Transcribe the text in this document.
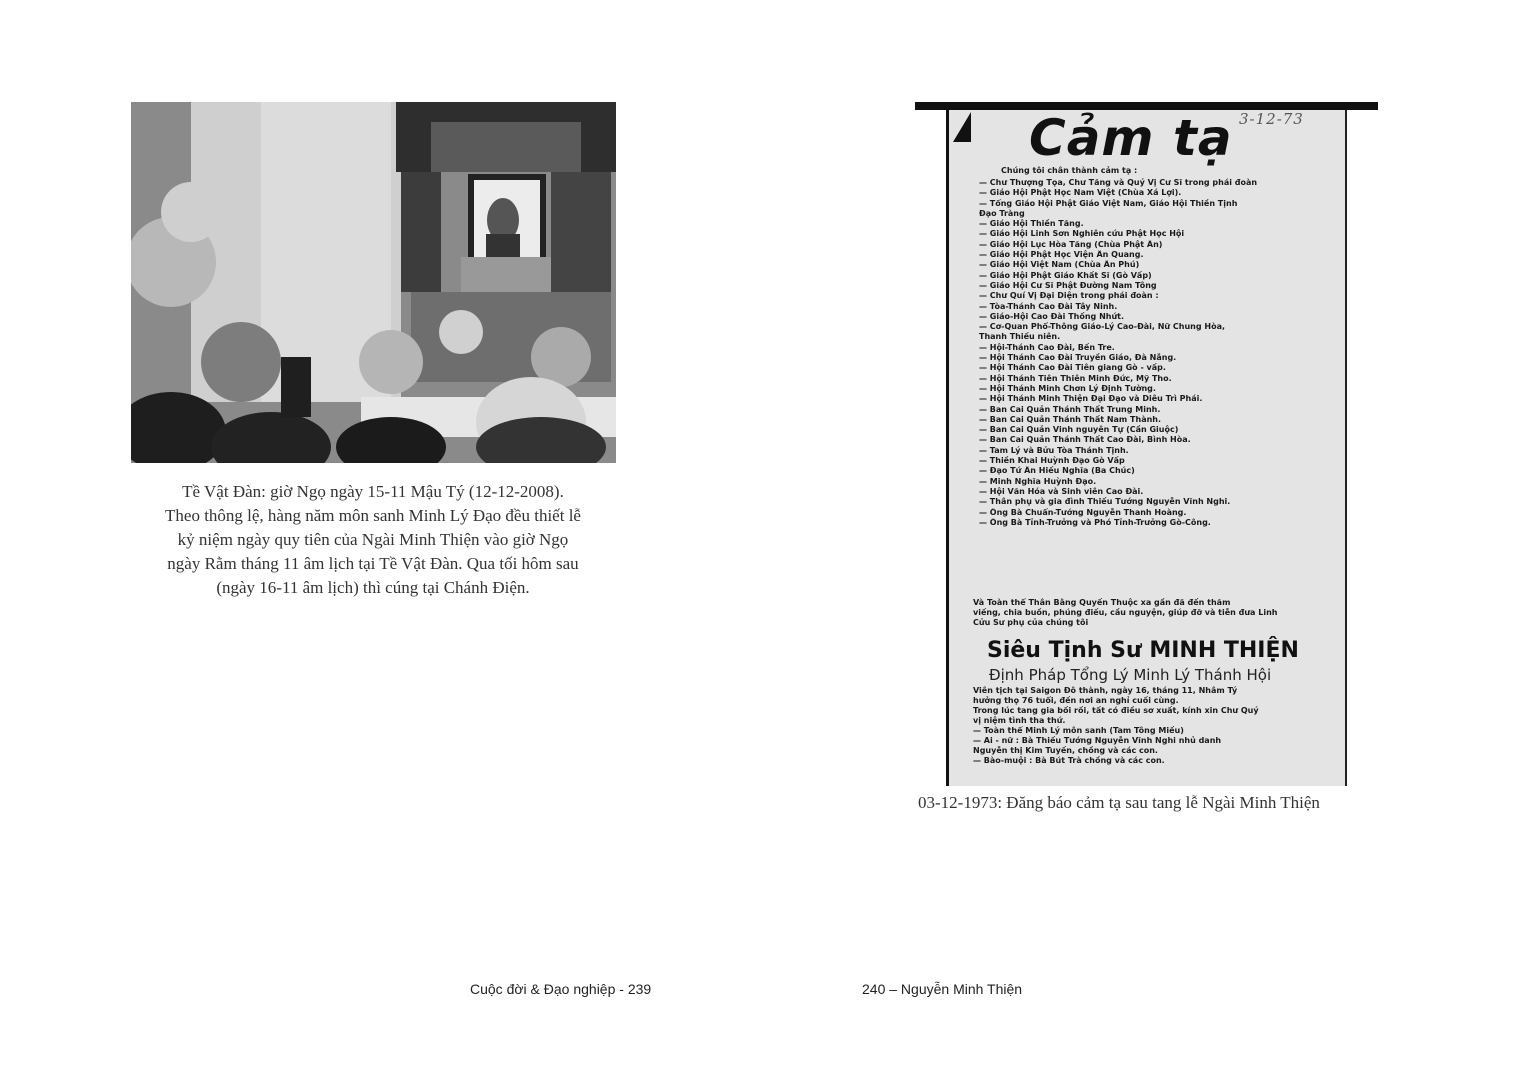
Tề Vật Đàn: giờ Ngọ ngày 15-11 Mậu Tý (12-12-2008).
Theo thông lệ, hàng năm môn sanh Minh Lý Đạo đều thiết lễ
kỷ niệm ngày quy tiên của Ngài Minh Thiện vào giờ Ngọ
ngày Rằm tháng 11 âm lịch tại Tề Vật Đàn. Qua tối hôm sau
(ngày 16-11 âm lịch) thì cúng tại Chánh Điện.
Cuộc đời & Đạo nghiệp - 239
Cảm tạ 3-12-73
Chúng tôi chân thành cảm tạ :
— Chư Thượng Tọa, Chư Tăng và Quý Vị Cư Sĩ trong phái đoàn
— Giáo Hội Phật Học Nam Việt (Chùa Xá Lợi).
— Tổng Giáo Hội Phật Giáo Việt Nam, Giáo Hội Thiền Tịnh
Đạo Tràng
— Giáo Hội Thiền Tăng.
— Giáo Hội Linh Sơn Nghiên cứu Phật Học Hội
— Giáo Hội Lục Hòa Tăng (Chùa Phật Ấn)
— Giáo Hội Phật Học Viện Ấn Quang.
— Giáo Hội Việt Nam (Chùa Ấn Phú)
— Giáo Hội Phật Giáo Khất Sĩ (Gò Vấp)
— Giáo Hội Cư Sĩ Phật Đường Nam Tông
— Chư Quí Vị Đại Diện trong phái đoàn :
— Tòa-Thánh Cao Đài Tây Ninh.
— Giáo-Hội Cao Đài Thống Nhứt.
— Cơ-Quan Phổ-Thông Giáo-Lý Cao-Đài, Nữ Chung Hòa,
Thanh Thiếu niên.
— Hội-Thánh Cao Đài, Bến Tre.
— Hội Thánh Cao Đài Truyền Giáo, Đà Nẵng.
— Hội Thánh Cao Đài Tiên giang Gò - vấp.
— Hội Thánh Tiên Thiên Minh Đức, Mỹ Tho.
— Hội Thánh Minh Chơn Lý Định Tường.
— Hội Thánh Minh Thiện Đại Đạo và Diêu Trì Phái.
— Ban Cai Quản Thánh Thất Trung Minh.
— Ban Cai Quản Thánh Thất Nam Thành.
— Ban Cai Quản Vinh nguyên Tự (Cần Giuộc)
— Ban Cai Quản Thánh Thất Cao Đài, Bình Hòa.
— Tam Lý và Bửu Tòa Thánh Tịnh.
— Thiền Khai Huỳnh Đạo Gò Vấp
— Đạo Tứ Ân Hiếu Nghĩa (Ba Chúc)
— Minh Nghĩa Huỳnh Đạo.
— Hội Văn Hóa và Sinh viên Cao Đài.
— Thân phụ và gia đình Thiếu Tướng Nguyễn Vĩnh Nghi.
— Ông Bà Chuẩn-Tướng Nguyễn Thanh Hoàng.
— Ông Bà Tỉnh-Trưởng và Phó Tỉnh-Trưởng Gò-Công.
Và Toàn thể Thân Bằng Quyến Thuộc xa gần đã đến thăm
viếng, chia buồn, phúng điếu, cầu nguyện, giúp đỡ và tiễn đưa Linh
Cửu Sư phụ của chúng tôi
Siêu Tịnh Sư MINH THIỆN
Định Pháp Tổng Lý Minh Lý Thánh Hội
Viên tịch tại Saigon Đô thành, ngày 16, tháng 11, Nhâm Tý
hưởng thọ 76 tuổi, đến nơi an nghỉ cuối cùng.
Trong lúc tang gia bối rối, tất có điều sơ xuất, kính xin Chư Quý
vị niệm tình tha thứ.
— Toàn thể Minh Lý môn sanh (Tam Tông Miếu)
— Ai - nữ : Bà Thiếu Tướng Nguyễn Vĩnh Nghi nhủ danh
Nguyễn thị Kim Tuyến, chồng và các con.
— Bào-muội : Bà Bút Trà chồng và các con.
03-12-1973: Đăng báo cảm tạ sau tang lễ Ngài Minh Thiện
240 – Nguyễn Minh Thiện
